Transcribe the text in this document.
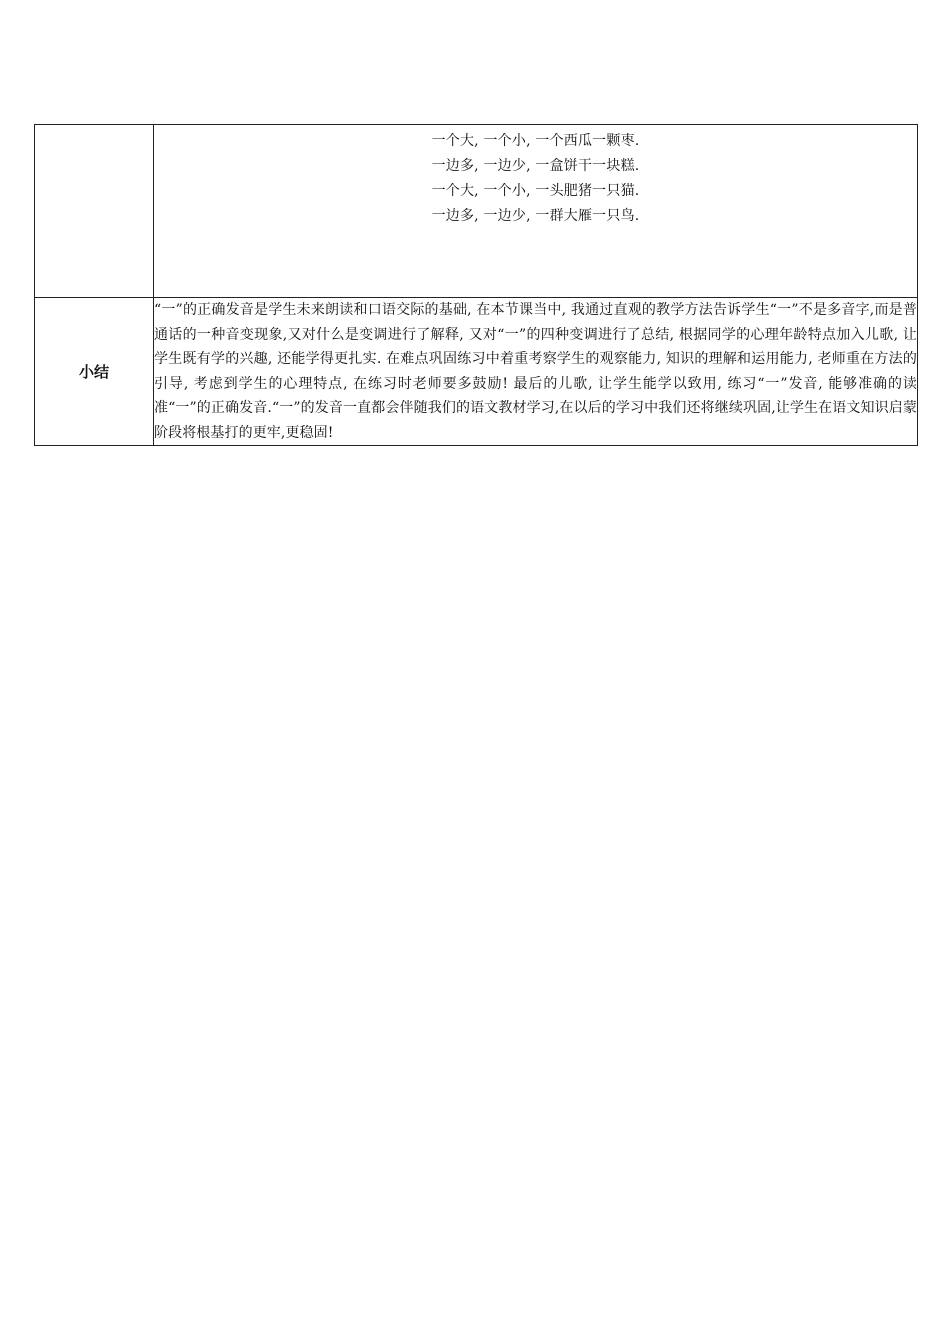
	一个大, 一个小, 一个西瓜一颗枣.
一边多, 一边少, 一盒饼干一块糕.
一个大, 一个小, 一头肥猪一只猫.
一边多, 一边少, 一群大雁一只鸟.

小结	“一”的正确发音是学生未来朗读和口语交际的基础, 在本节课当中, 我通过直观的教学方法告诉学生“一”不是多音字,而是普通话的一种音变现象,又对什么是变调进行了解释, 又对“一”的四种变调进行了总结, 根据同学的心理年龄特点加入儿歌, 让学生既有学的兴趣, 还能学得更扎实. 在难点巩固练习中着重考察学生的观察能力, 知识的理解和运用能力, 老师重在方法的引导, 考虑到学生的心理特点, 在练习时老师要多鼓励! 最后的儿歌, 让学生能学以致用, 练习“一”发音, 能够准确的读准“一”的正确发音.“一”的发音一直都会伴随我们的语文教材学习,在以后的学习中我们还将继续巩固,让学生在语文知识启蒙阶段将根基打的更牢,更稳固!
